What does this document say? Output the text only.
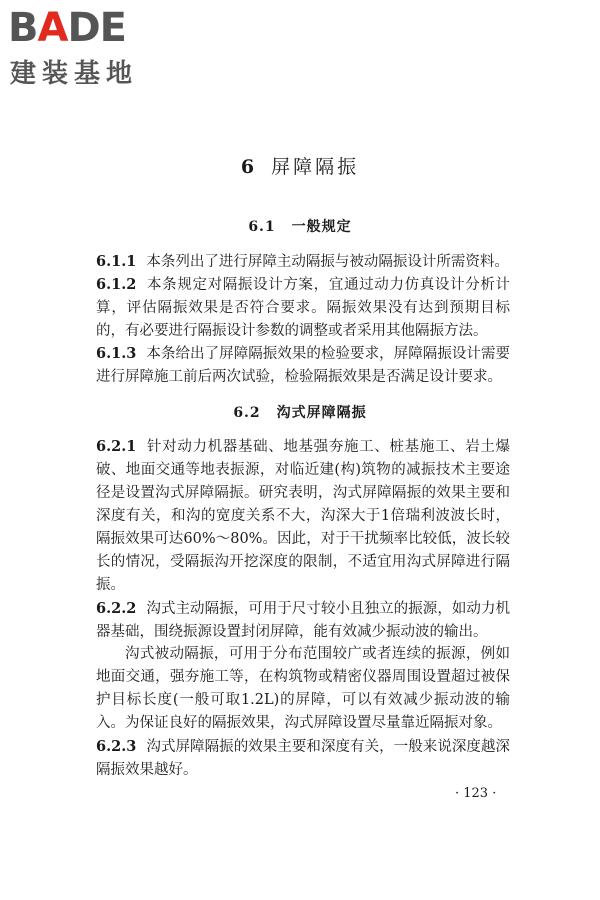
BADE
建装基地
6 屏障隔振
6.1 一般规定
6.1.1 本条列出了进行屏障主动隔振与被动隔振设计所需资料。
6.1.2 本条规定对隔振设计方案，宜通过动力仿真设计分析计算，评估隔振效果是否符合要求。隔振效果没有达到预期目标的，有必要进行隔振设计参数的调整或者采用其他隔振方法。
6.1.3 本条给出了屏障隔振效果的检验要求，屏障隔振设计需要进行屏障施工前后两次试验，检验隔振效果是否满足设计要求。
6.2 沟式屏障隔振
6.2.1 针对动力机器基础、地基强夯施工、桩基施工、岩土爆破、地面交通等地表振源，对临近建(构)筑物的减振技术主要途径是设置沟式屏障隔振。研究表明，沟式屏障隔振的效果主要和深度有关，和沟的宽度关系不大，沟深大于1倍瑞利波波长时，隔振效果可达60%～80%。因此，对于干扰频率比较低，波长较长的情况，受隔振沟开挖深度的限制，不适宜用沟式屏障进行隔振。
6.2.2 沟式主动隔振，可用于尺寸较小且独立的振源，如动力机器基础，围绕振源设置封闭屏障，能有效减少振动波的输出。
沟式被动隔振，可用于分布范围较广或者连续的振源，例如地面交通，强夯施工等，在构筑物或精密仪器周围设置超过被保护目标长度(一般可取1.2L)的屏障，可以有效减少振动波的输入。为保证良好的隔振效果，沟式屏障设置尽量靠近隔振对象。
6.2.3 沟式屏障隔振的效果主要和深度有关，一般来说深度越深隔振效果越好。
· 123 ·
